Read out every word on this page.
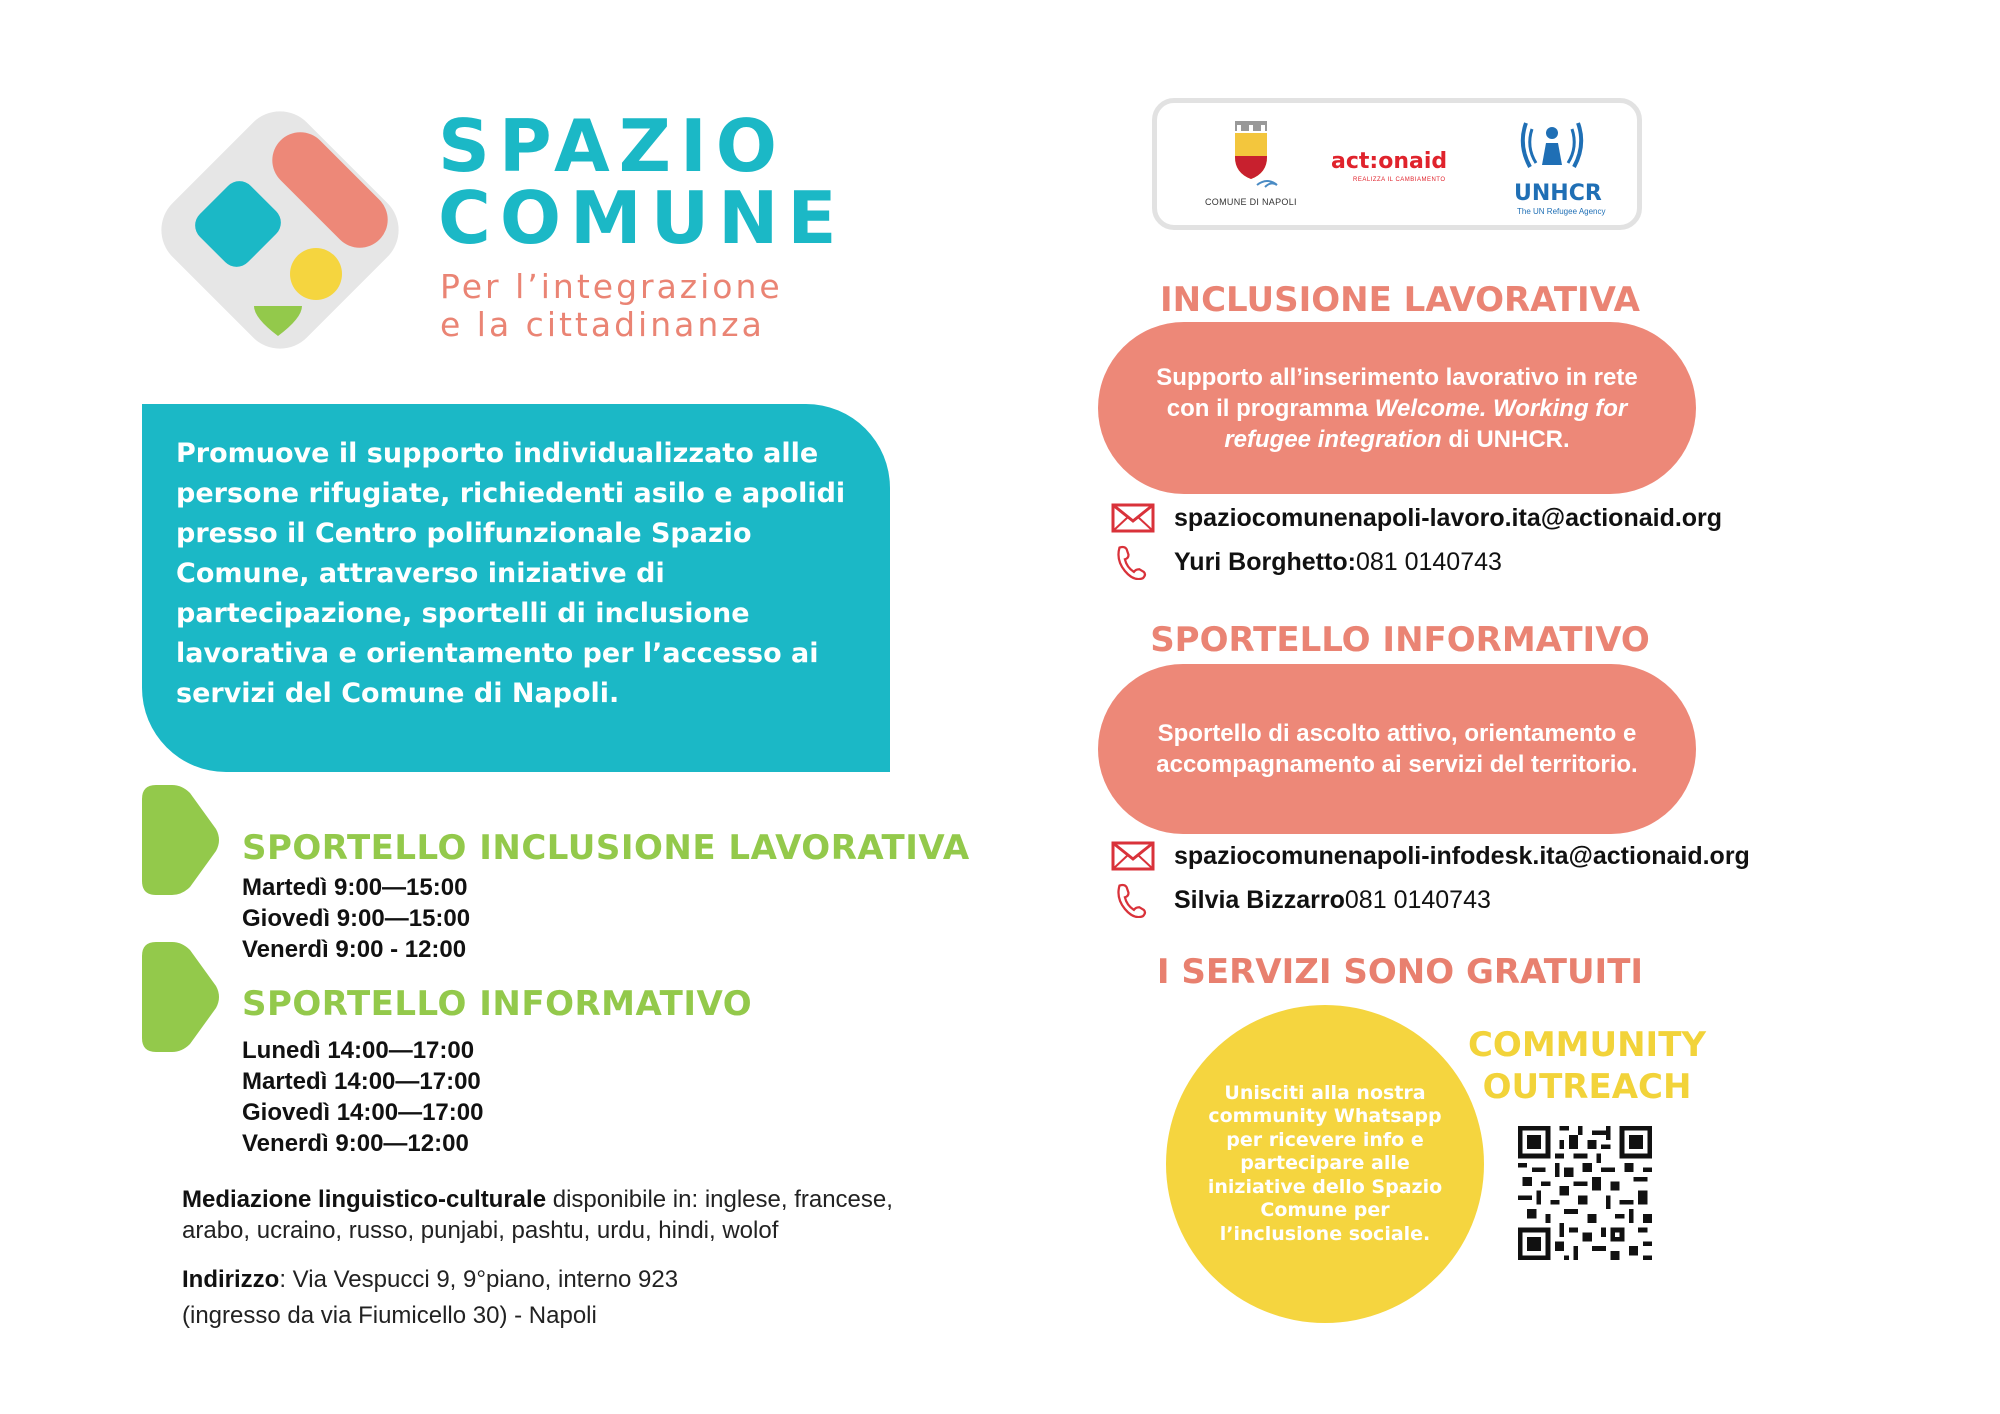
SPAZIO
COMUNE
Per l’integrazione
e la cittadinanza

Promuove il supporto individualizzato alle persone rifugiate, richiedenti asilo e apolidi presso il Centro polifunzionale Spazio Comune, attraverso iniziative di partecipazione, sportelli di inclusione lavorativa e orientamento per l’accesso ai servizi del Comune di Napoli.

SPORTELLO INCLUSIONE LAVORATIVA
Martedì 9:00—15:00
Giovedì 9:00—15:00
Venerdì 9:00 - 12:00
SPORTELLO INFORMATIVO
Lunedì 14:00—17:00
Martedì 14:00—17:00
Giovedì 14:00—17:00
Venerdì 9:00—12:00
Mediazione linguistico-culturale disponibile in: inglese, francese,
arabo, ucraino, russo, punjabi, pashtu, urdu, hindi, wolof
Indirizzo: Via Vespucci 9, 9°piano, interno 923
(ingresso da via Fiumicello 30) - Napoli
COMUNE DI NAPOLI
act:onaid
REALIZZA IL CAMBIAMENTO
UNHCR
The UN Refugee Agency
INCLUSIONE LAVORATIVA
Supporto all’inserimento lavorativo in rete
con il programma Welcome. Working for
refugee integration di UNHCR.
spaziocomunenapoli-lavoro.ita@actionaid.org
Yuri Borghetto: 081 0140743
SPORTELLO INFORMATIVO
Sportello di ascolto attivo, orientamento e
accompagnamento ai servizi del territorio.
spaziocomunenapoli-infodesk.ita@actionaid.org
Silvia Bizzarro 081 0140743
I SERVIZI SONO GRATUITI
Unisciti alla nostra community Whatsapp per ricevere info e partecipare alle iniziative dello Spazio Comune per l’inclusione sociale.
COMMUNITY
OUTREACH
